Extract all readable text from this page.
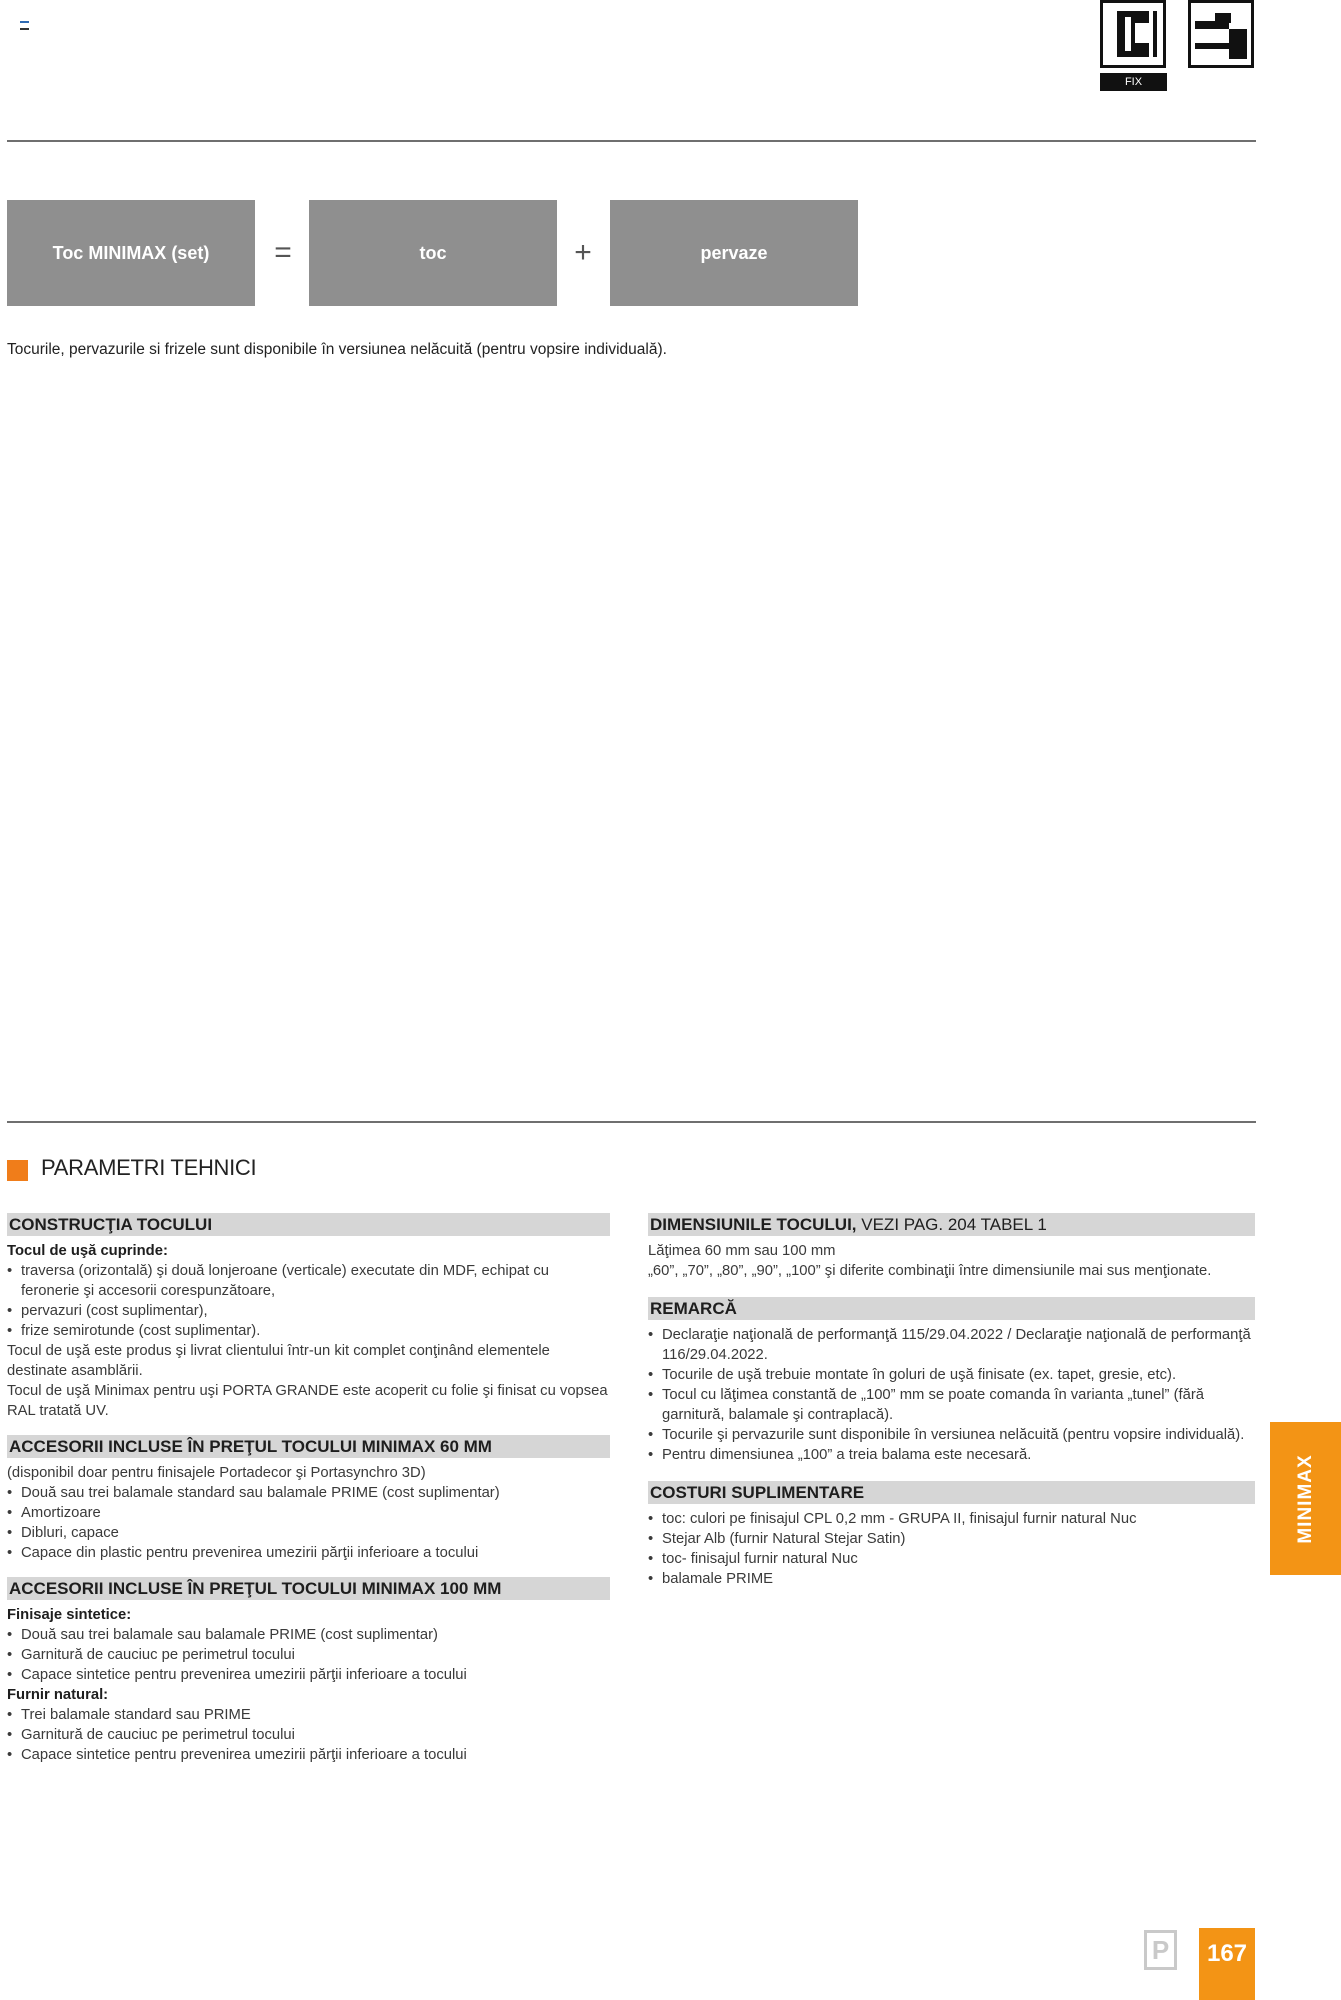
FIX
Toc MINIMAX (set)	=	toc	+	pervaze
Tocurile, pervazurile si frizele sunt disponibile în versiunea nelăcuită (pentru vopsire individuală).
PARAMETRI TEHNICI
CONSTRUCŢIA TOCULUI
Tocul de uşă cuprinde:
• traversa (orizontală) şi două lonjeroane (verticale) executate din MDF, echipat cu feronerie şi accesorii corespunzătoare,
• pervazuri (cost suplimentar),
• frize semirotunde (cost suplimentar).

Tocul de uşă este produs şi livrat clientului într-un kit complet conţinând elementele destinate asamblării.

Tocul de uşă Minimax pentru uşi PORTA GRANDE este acoperit cu folie şi finisat cu vopsea RAL tratată UV.

ACCESORII INCLUSE ÎN PREŢUL TOCULUI MINIMAX 60 MM
(disponibil doar pentru finisajele Portadecor şi Portasynchro 3D)
• Două sau trei balamale standard sau balamale PRIME (cost suplimentar)
• Amortizoare
• Dibluri, capace
• Capace din plastic pentru prevenirea umezirii părţii inferioare a tocului
ACCESORII INCLUSE ÎN PREŢUL TOCULUI MINIMAX 100 MM
Finisaje sintetice:
• Două sau trei balamale sau balamale PRIME (cost suplimentar)
• Garnitură de cauciuc pe perimetrul tocului
• Capace sintetice pentru prevenirea umezirii părţii inferioare a tocului
Furnir natural:
• Trei balamale standard sau PRIME
• Garnitură de cauciuc pe perimetrul tocului
• Capace sintetice pentru prevenirea umezirii părţii inferioare a tocului
DIMENSIUNILE TOCULUI, VEZI PAG. 204 TABEL 1
Lăţimea 60 mm sau 100 mm
„60”, „70”, „80”, „90”, „100” şi diferite combinaţii între dimensiunile mai sus menţionate.
REMARCĂ
• Declaraţie naţională de performanţă 115/29.04.2022 / Declaraţie naţională de performanţă 116/29.04.2022.
• Tocurile de uşă trebuie montate în goluri de uşă finisate (ex. tapet, gresie, etc).
• Tocul cu lăţimea constantă de „100” mm se poate comanda în varianta „tunel” (fără garnitură, balamale şi contraplacă).
• Tocurile şi pervazurile sunt disponibile în versiunea nelăcuită (pentru vopsire individuală).
• Pentru dimensiunea „100” a treia balama este necesară.
COSTURI SUPLIMENTARE
• toc: culori pe finisajul CPL 0,2 mm - GRUPA II, finisajul furnir natural Nuc
• Stejar Alb (furnir Natural Stejar Satin)
• toc- finisajul furnir natural Nuc
• balamale PRIME
MINIMAX
P	167
